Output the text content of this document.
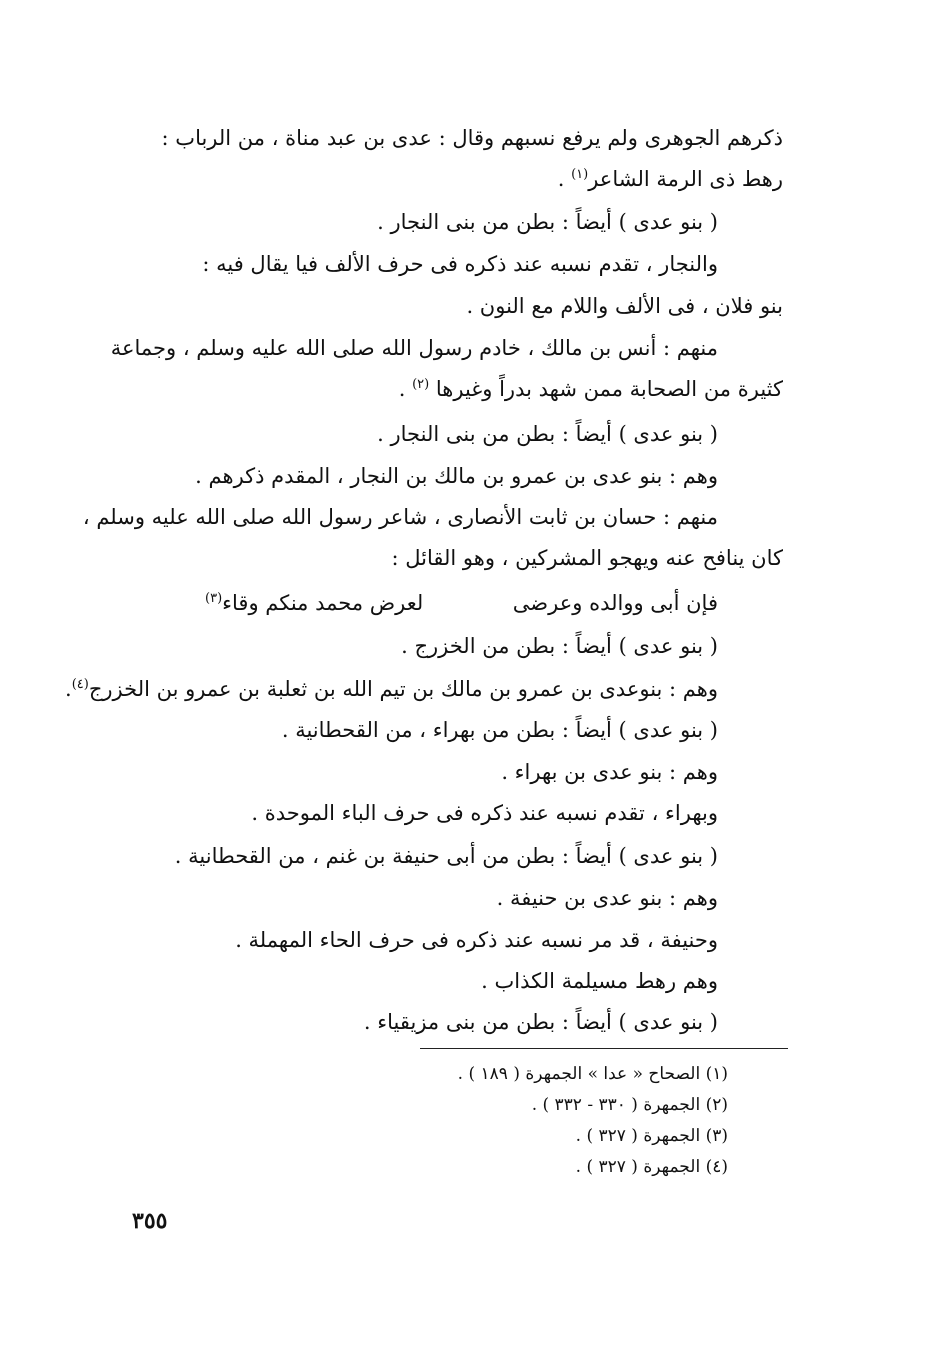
ذكرهم الجوهرى ولم يرفع نسبهم وقال : عدى بن عبد مناة ، من الرباب :
رهط ذى الرمة الشاعر$^{(١)}$ .
( بنو عدى ) أيضاً : بطن من بنى النجار .
والنجار ، تقدم نسبه عند ذكره فى حرف الألف فيا يقال فيه :
بنو فلان ، فى الألف واللام مع النون .
منهم : أنس بن مالك ، خادم رسول الله صلى الله عليه وسلم ، وجماعة
كثيرة من الصحابة ممن شهد بدراً وغيرها $^{(٢)}$ .
( بنو عدى ) أيضاً : بطن من بنى النجار .
وهم : بنو عدى بن عمرو بن مالك بن النجار ، المقدم ذكرهم .
منهم : حسان بن ثابت الأنصارى ، شاعر رسول الله صلى الله عليه وسلم ،
كان ينافح عنه ويهجو المشركين ، وهو القائل :
فإن أبى ووالده وعرضى
لعرض محمد منكم وقاء$^{(٣)}$
( بنو عدى ) أيضاً : بطن من الخزرج .
وهم : بنوعدى بن عمرو بن مالك بن تيم الله بن ثعلبة بن عمرو بن الخزرج$^{(٤)}$.
( بنو عدى ) أيضاً : بطن من بهراء ، من القحطانية .
وهم : بنو عدى بن بهراء .
وبهراء ، تقدم نسبه عند ذكره فى حرف الباء الموحدة .
( بنو عدى ) أيضاً : بطن من أبى حنيفة بن غنم ، من القحطانية .
وهم : بنو عدى بن حنيفة .
وحنيفة ، قد مر نسبه عند ذكره فى حرف الحاء المهملة .
وهم رهط مسيلمة الكذاب .
( بنو عدى ) أيضاً : بطن من بنى مزيقياء .
(١) الصحاح « عدا » الجمهرة ( ١٨٩ ) .
(٢) الجمهرة ( ٣٣٠ - ٣٣٢ ) .
(٣) الجمهرة ( ٣٢٧ ) .
(٤) الجمهرة ( ٣٢٧ ) .
٣٥٥
